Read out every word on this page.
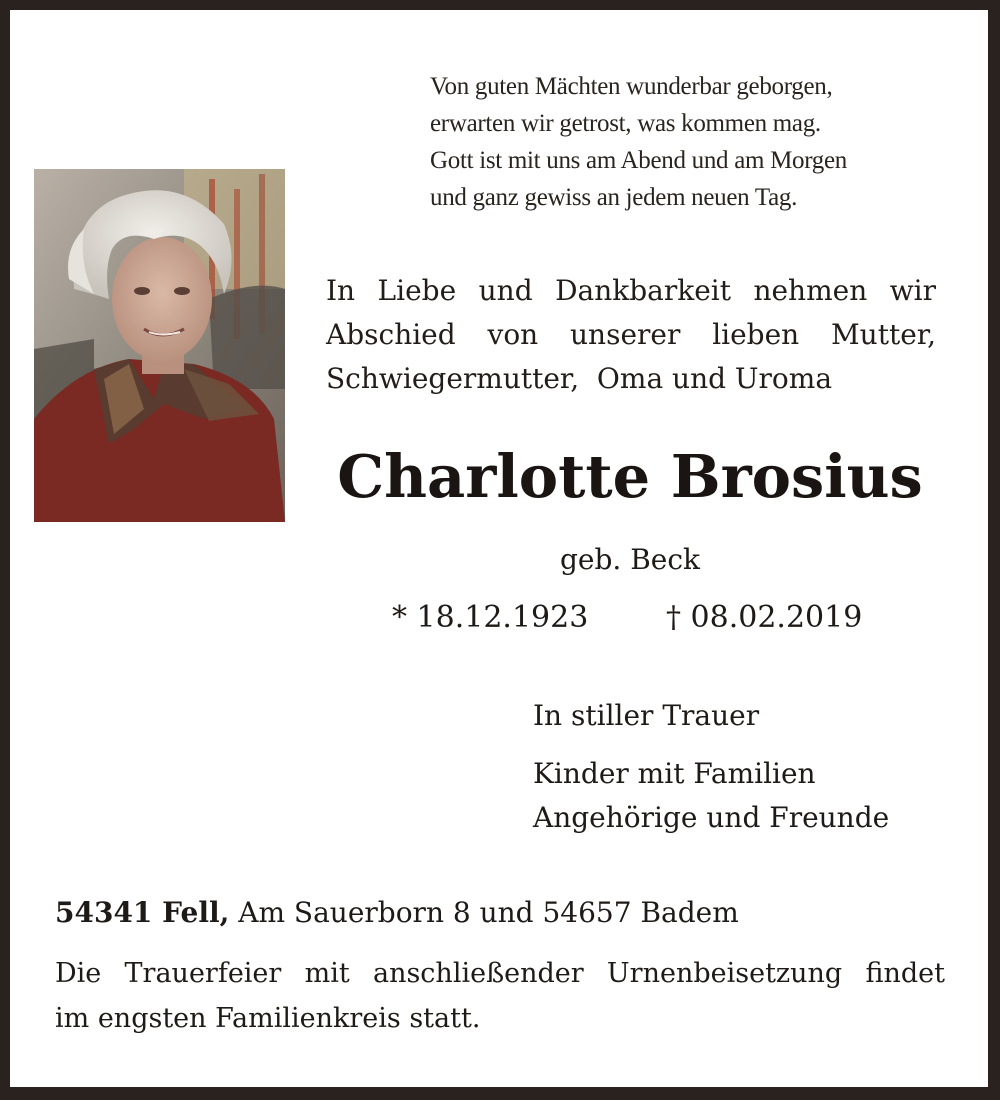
Von guten Mächten wunderbar geborgen,
erwarten wir getrost, was kommen mag.
Gott ist mit uns am Abend und am Morgen
und ganz gewiss an jedem neuen Tag.
In Liebe und Dankbarkeit nehmen wir
Abschied von unserer lieben Mutter,
Schwiegermutter,  Oma und Uroma
Charlotte Brosius
geb. Beck
* 18.12.1923	† 08.02.2019
In stiller Trauer
Kinder mit Familien
Angehörige und Freunde
54341 Fell, Am Sauerborn 8 und 54657 Badem
Die Trauerfeier mit anschließender Urnenbeisetzung findet
im engsten Familienkreis statt.
